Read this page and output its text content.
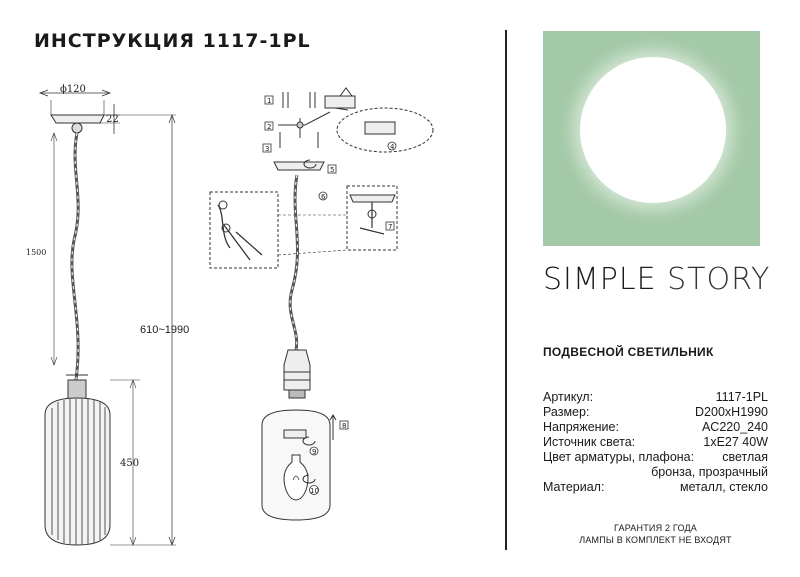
ИНСТРУКЦИЯ 1117-1PL
ϕ120
22
1500
610~1990
450
1
2
3	4
5
6
7
8
9
10
SIMPLE STORY
ПОДВЕСНОЙ СВЕТИЛЬНИК
Артикул:	1117-1PL
Размер:	D200xH1990
Напряжение:	AC220_240
Источник света:	1xE27 40W
Цвет арматуры, плафона: светлая
бронза, прозрачный
Материал:	металл, стекло
ГАРАНТИЯ 2 ГОДА
ЛАМПЫ В КОМПЛЕКТ НЕ ВХОДЯТ
